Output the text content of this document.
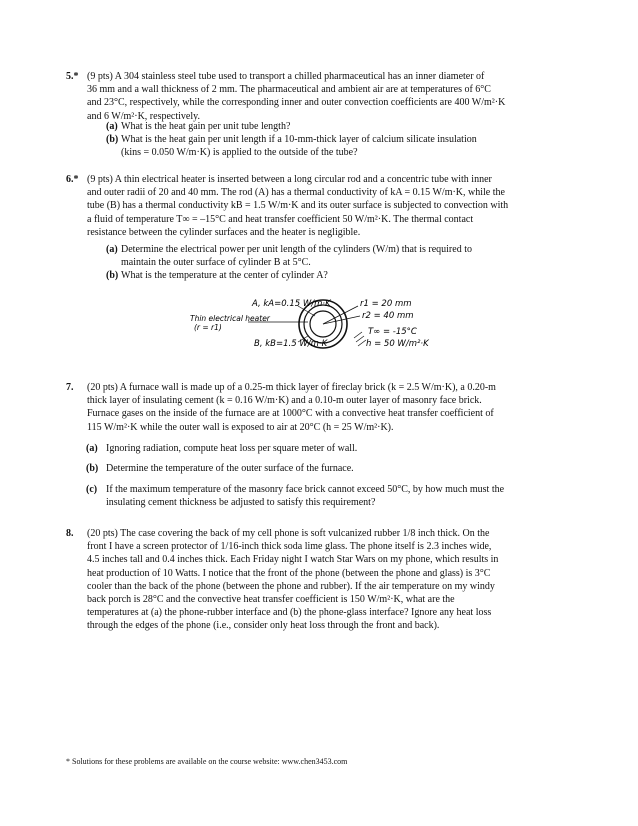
5.* (9 pts) A 304 stainless steel tube used to transport a chilled pharmaceutical has an inner diameter of
36 mm and a wall thickness of 2 mm. The pharmaceutical and ambient air are at temperatures of 6°C
and 23°C, respectively, while the corresponding inner and outer convection coefficients are 400 W/m²·K
and 6 W/m²·K, respectively.
(a) What is the heat gain per unit tube length?
(b) What is the heat gain per unit length if a 10-mm-thick layer of calcium silicate insulation
(kins = 0.050 W/m·K) is applied to the outside of the tube?
6.* (9 pts) A thin electrical heater is inserted between a long circular rod and a concentric tube with inner
and outer radii of 20 and 40 mm. The rod (A) has a thermal conductivity of kA = 0.15 W/m·K, while the
tube (B) has a thermal conductivity kB = 1.5 W/m·K and its outer surface is subjected to convection with
a fluid of temperature T∞ = –15°C and heat transfer coefficient 50 W/m²·K. The thermal contact
resistance between the cylinder surfaces and the heater is negligible.
(a) Determine the electrical power per unit length of the cylinders (W/m) that is required to
maintain the outer surface of cylinder B at 5°C.
(b) What is the temperature at the center of cylinder A?
A, kA=0.15 W/m·K
Thin electrical heater
(r = r1)
B, kB=1.5 W/m·K
r1 = 20 mm
r2 = 40 mm
T∞ = -15°C
h = 50 W/m²·K
7. (20 pts) A furnace wall is made up of a 0.25-m thick layer of fireclay brick (k = 2.5 W/m·K), a 0.20-m
thick layer of insulating cement (k = 0.16 W/m·K) and a 0.10-m outer layer of masonry face brick.
Furnace gases on the inside of the furnace are at 1000°C with a convective heat transfer coefficient of
115 W/m²·K while the outer wall is exposed to air at 20°C (h = 25 W/m²·K).
(a) Ignoring radiation, compute heat loss per square meter of wall.
(b) Determine the temperature of the outer surface of the furnace.
(c) If the maximum temperature of the masonry face brick cannot exceed 50°C, by how much must the
insulating cement thickness be adjusted to satisfy this requirement?
8. (20 pts) The case covering the back of my cell phone is soft vulcanized rubber 1/8 inch thick. On the
front I have a screen protector of 1/16-inch thick soda lime glass. The phone itself is 2.3 inches wide,
4.5 inches tall and 0.4 inches thick. Each Friday night I watch Star Wars on my phone, which results in
heat production of 10 Watts. I notice that the front of the phone (between the phone and glass) is 3°C
cooler than the back of the phone (between the phone and rubber). If the air temperature on my windy
back porch is 28°C and the convective heat transfer coefficient is 150 W/m²·K, what are the
temperatures at (a) the phone-rubber interface and (b) the phone-glass interface? Ignore any heat loss
through the edges of the phone (i.e., consider only heat loss through the front and back).
* Solutions for these problems are available on the course website: www.chen3453.com
